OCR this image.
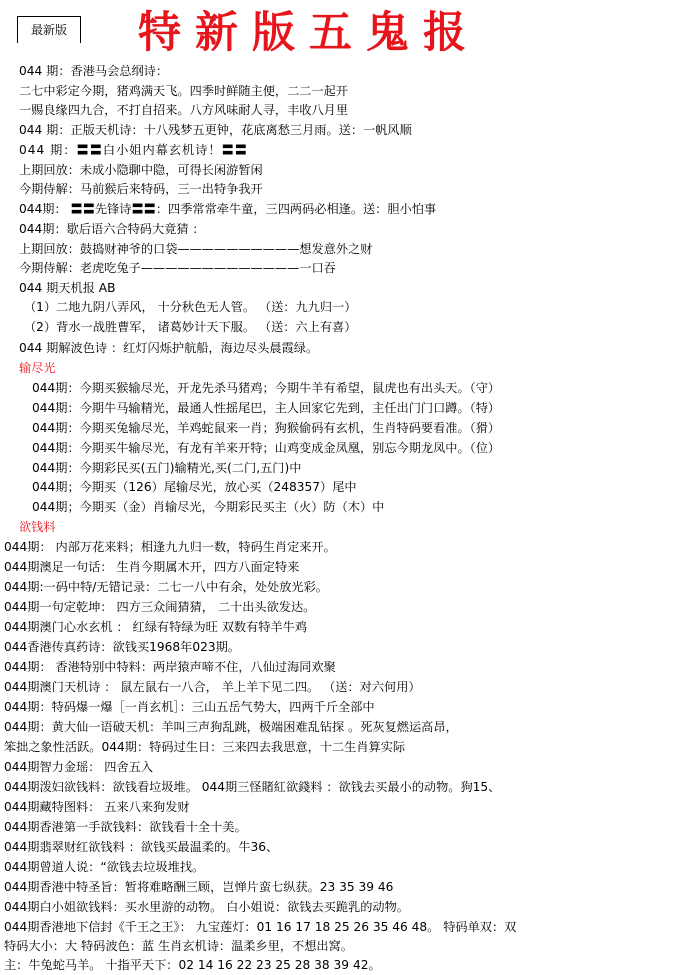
最新版	特新版五鬼报
044 期：香港马会总纲诗：
二七中彩定今期，猪鸡满天飞。四季时鲜随主便，二二一起开
一赐良缘四九合，不打自招来。八方风味耐人寻，丰收八月里
044 期：正版天机诗：十八残梦五更钟，花底离愁三月雨。送：一帆风顺
044 期：〓〓白小姐内幕玄机诗！〓〓
上期回放：未成小隐聊中隐，可得长闲游暂闲
今期侍解：马前猴后来特码，三一出特争我开
044期： 〓〓先锋诗〓〓：四季常常牵牛童，三四两码必相逢。送：胆小怕事
044期：歇后语六合特码大竟猜 ：
上期回放：鼓捣财神爷的口袋——————————想发意外之财
今期侍解：老虎吃兔子—————————————一口吞
044 期天机报 AB
（1）二地九阴八弄风， 十分秋色无人管。 （送：九九归一）
（2）背水一战胜曹军， 诸葛妙计天下服。 （送：六上有喜）
044 期解波色诗 ：红灯闪烁护航船，海边尽头晨霞绿。
输尽光
044期：今期买猴输尽光，开龙先杀马猪鸡；今期牛羊有希望，鼠虎也有出头天。（守）
044期：今期牛马输精光，最通人性摇尾巴，主人回家它先到，主任出门门口蹲。（特）
044期：今期买兔输尽光，羊鸡蛇鼠来一肖；狗猴偷码有玄机，生肖特码要看准。（猾）
044期：今期买牛输尽光，有龙有羊来开特；山鸡变成金凤凰，别忘今期龙凤中。（位）
044期：今期彩民买(五门)输精光,买(二门,五门)中
044期；今期买（126）尾输尽光，放心买（248357）尾中
044期；今期买（金）肖输尽光，今期彩民买主（火）防（木）中
欲钱料
044期： 内部万花来料；相逢九九归一数，特码生肖定来开。
044期澳足一句话： 生肖今期属木开，四方八面定特来
044期:一码中特/无错记录：二七一八中有余，处处放光彩。
044期一句定乾坤： 四方三众闹猜猜， 二十出头欲发达。
044期澳门心水玄机 ： 红绿有特绿为旺 双数有特羊牛鸡
044香港传真药诗：欲钱买1968年023期。
044期： 香港特别中特料：两岸猿声啼不住，八仙过海同欢聚
044期澳门天机诗 ： 鼠左鼠右一八合， 羊上羊下见二四。 （送：对六何用）
044期：特码爆一爆［一肖玄机］：三山五岳气势大，四两千斤全部中
044期：黄大仙一语破天机：羊叫三声狗乱跳，极端困难乱钻探 。死灰复燃运高昂，
笨拙之象性活跃。044期：特码过生日：三来四去我思意，十二生肖算实际
044期智力金瑶： 四舍五入
044期泼妇欲钱料：欲钱看垃圾堆。 044期三怪賭紅欲錢料 ：欲钱去买最小的动物。狗15、
044期藏特图料： 五来八来狗发财
044期香港第一手欲钱料：欲钱看十全十美。
044期翡翠财红欲钱料 ：欲钱买最温柔的。牛36、
044期曾道人说：“欲钱去垃圾堆找。
044期香港中特圣旨：暂将难略酬三顾，岂惮片蛮七纵获。23 35 39 46
044期白小姐欲钱料：买水里游的动物。 白小姐说：欲钱去买跪乳的动物。
044期香港地下信封《千王之王》： 九宝莲灯：01 16 17 18 25 26 35 46 48。 特码单双：双
特码大小：大 特码波色：蓝 生肖玄机诗：温柔乡里，不想出窝。
主：牛兔蛇马羊。 十指平天下：02 14 16 22 23 25 28 38 39 42。
